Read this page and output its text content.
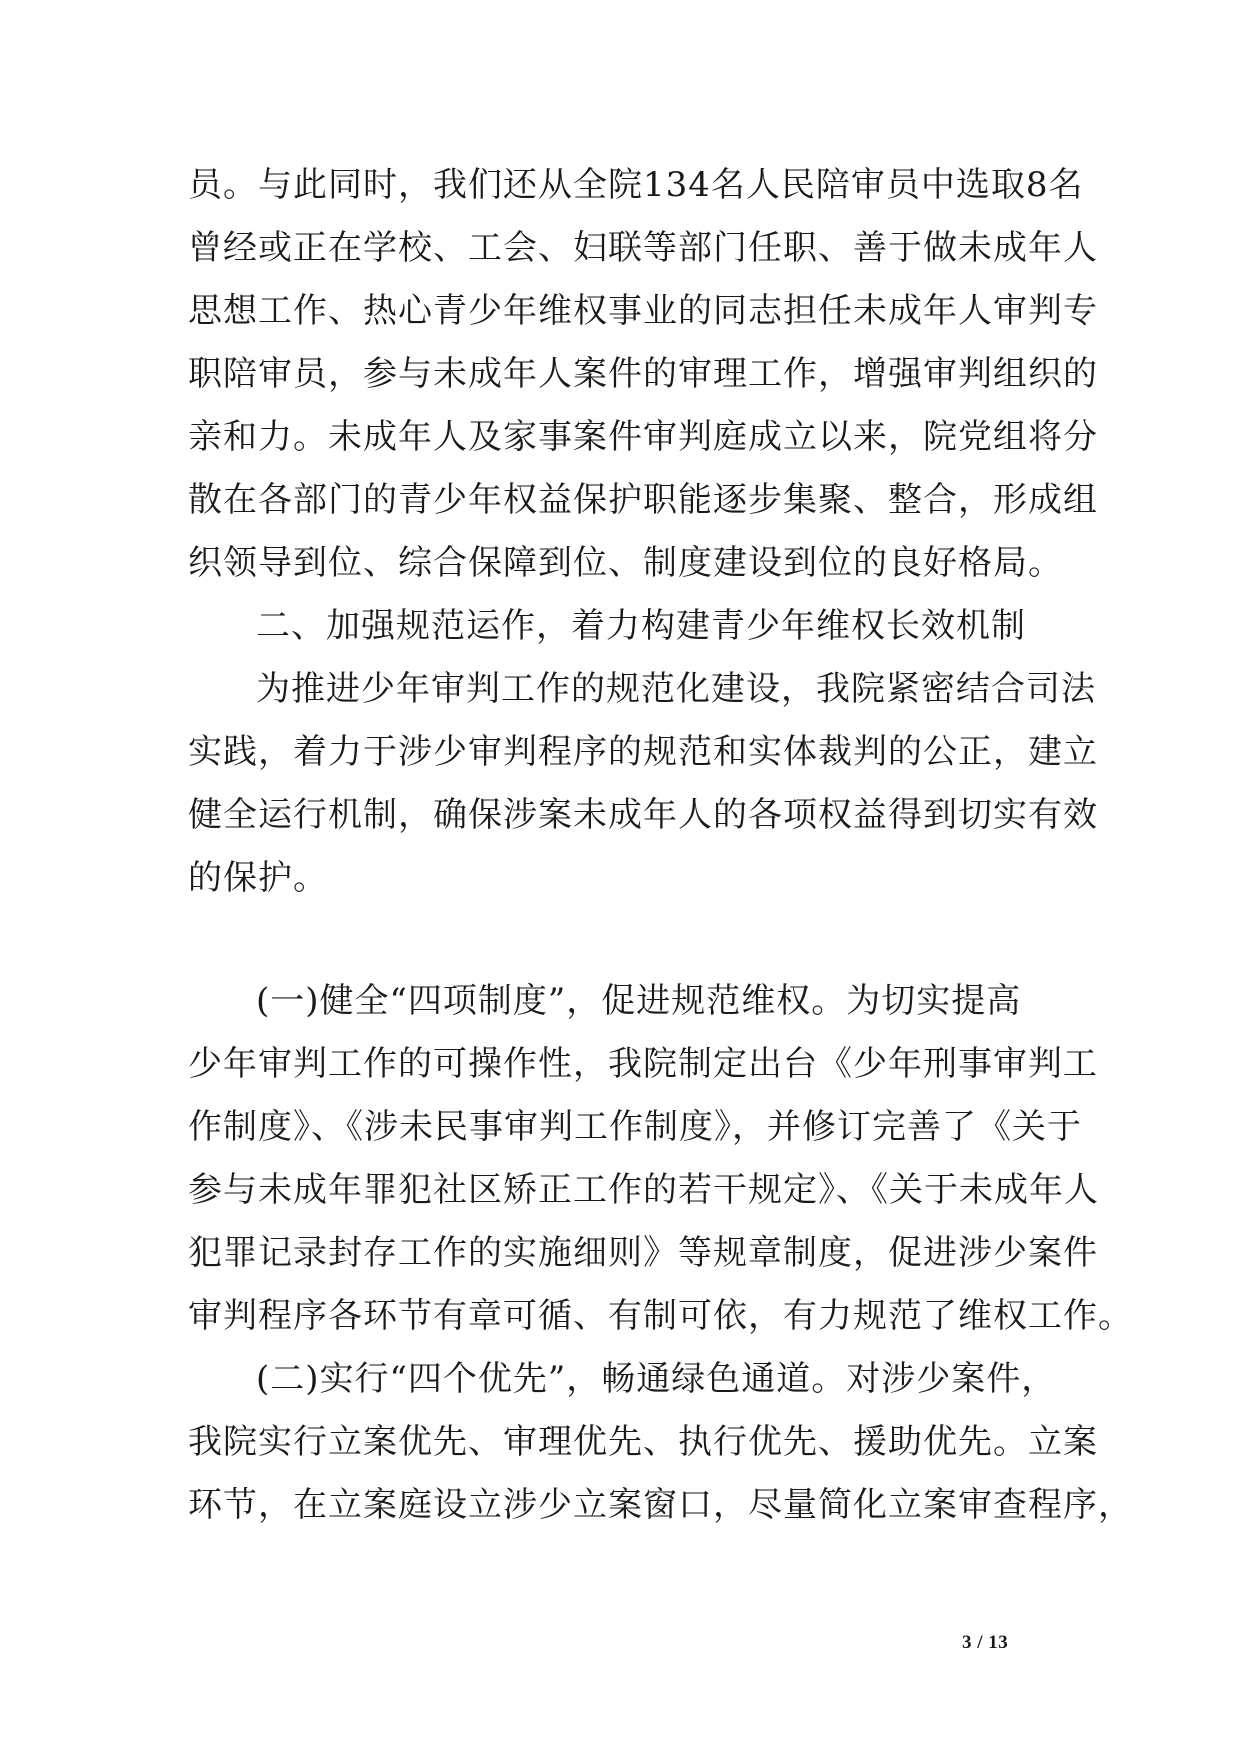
员。与此同时，我们还从全院134名人民陪审员中选取8名
曾经或正在学校、工会、妇联等部门任职、善于做未成年人
思想工作、热心青少年维权事业的同志担任未成年人审判专
职陪审员，参与未成年人案件的审理工作，增强审判组织的
亲和力。未成年人及家事案件审判庭成立以来，院党组将分
散在各部门的青少年权益保护职能逐步集聚、整合，形成组
织领导到位、综合保障到位、制度建设到位的良好格局。
二、加强规范运作，着力构建青少年维权长效机制
为推进少年审判工作的规范化建设，我院紧密结合司法
实践，着力于涉少审判程序的规范和实体裁判的公正，建立
健全运行机制，确保涉案未成年人的各项权益得到切实有效
的保护。
(一)健全“四项制度”，促进规范维权。为切实提高
少年审判工作的可操作性，我院制定出台《少年刑事审判工
作制度》、《涉未民事审判工作制度》，并修订完善了《关于
参与未成年罪犯社区矫正工作的若干规定》、《关于未成年人
犯罪记录封存工作的实施细则》等规章制度，促进涉少案件
审判程序各环节有章可循、有制可依，有力规范了维权工作。
(二)实行“四个优先”，畅通绿色通道。对涉少案件，
我院实行立案优先、审理优先、执行优先、援助优先。立案
环节，在立案庭设立涉少立案窗口，尽量简化立案审查程序，
3 / 13
